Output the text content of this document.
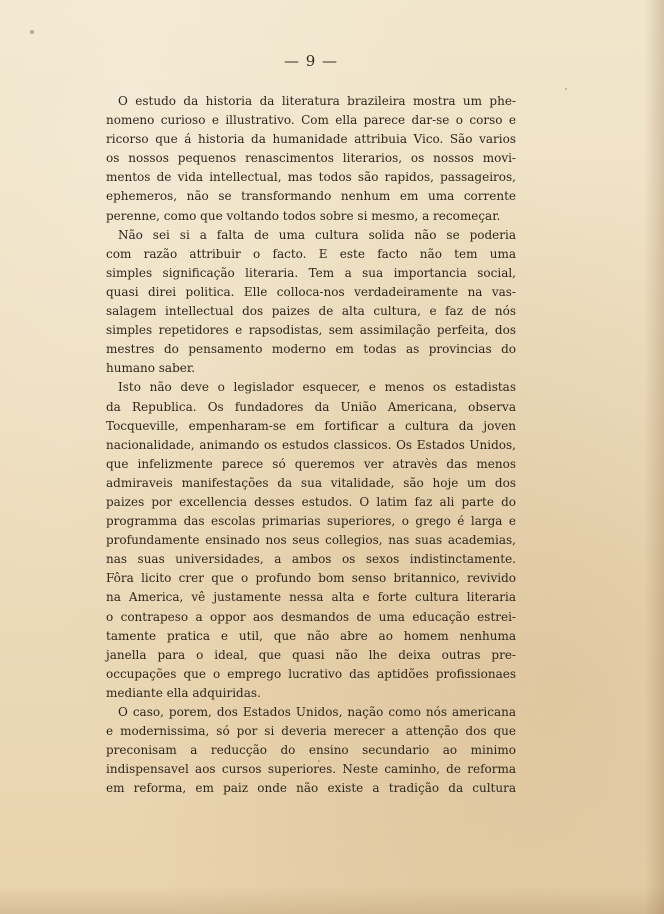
— 9 —
O estudo da historia da literatura brazileira mostra um phe-
nomeno curioso e illustrativo. Com ella parece dar-se o corso e
ricorso que á historia da humanidade attribuia Vico. São varios
os nossos pequenos renascimentos literarios, os nossos movi-
mentos de vida intellectual, mas todos são rapidos, passageiros,
ephemeros, não se transformando nenhum em uma corrente
perenne, como que voltando todos sobre si mesmo, a recomeçar.
Não sei si a falta de uma cultura solida não se poderia
com razão attribuir o facto. E este facto não tem uma
simples significação literaria. Tem a sua importancia social,
quasi direi politica. Elle colloca-nos verdadeiramente na vas-
salagem intellectual dos paizes de alta cultura, e faz de nós
simples repetidores e rapsodistas, sem assimilação perfeita, dos
mestres do pensamento moderno em todas as provincias do
humano saber.
Isto não deve o legislador esquecer, e menos os estadistas
da Republica. Os fundadores da União Americana, observa
Tocqueville, empenharam-se em fortificar a cultura da joven
nacionalidade, animando os estudos classicos. Os Estados Unidos,
que infelizmente parece só queremos ver atravès das menos
admiraveis manifestações da sua vitalidade, são hoje um dos
paizes por excellencia desses estudos. O latim faz ali parte do
programma das escolas primarias superiores, o grego é larga e
profundamente ensinado nos seus collegios, nas suas academias,
nas suas universidades, a ambos os sexos indistinctamente.
Fôra licito crer que o profundo bom senso britannico, revivido
na America, vê justamente nessa alta e forte cultura literaria
o contrapeso a oppor aos desmandos de uma educação estrei-
tamente pratica e util, que não abre ao homem nenhuma
janella para o ideal, que quasi não lhe deixa outras pre-
occupações que o emprego lucrativo das aptidões profissionaes
mediante ella adquiridas.
O caso, porem, dos Estados Unidos, nação como nós americana
e modernissima, só por si deveria merecer a attenção dos que
preconisam a reducção do ensino secundario ao minimo
indispensavel aos cursos superiores. Neste caminho, de reforma
em reforma, em paiz onde não existe a tradição da cultura
